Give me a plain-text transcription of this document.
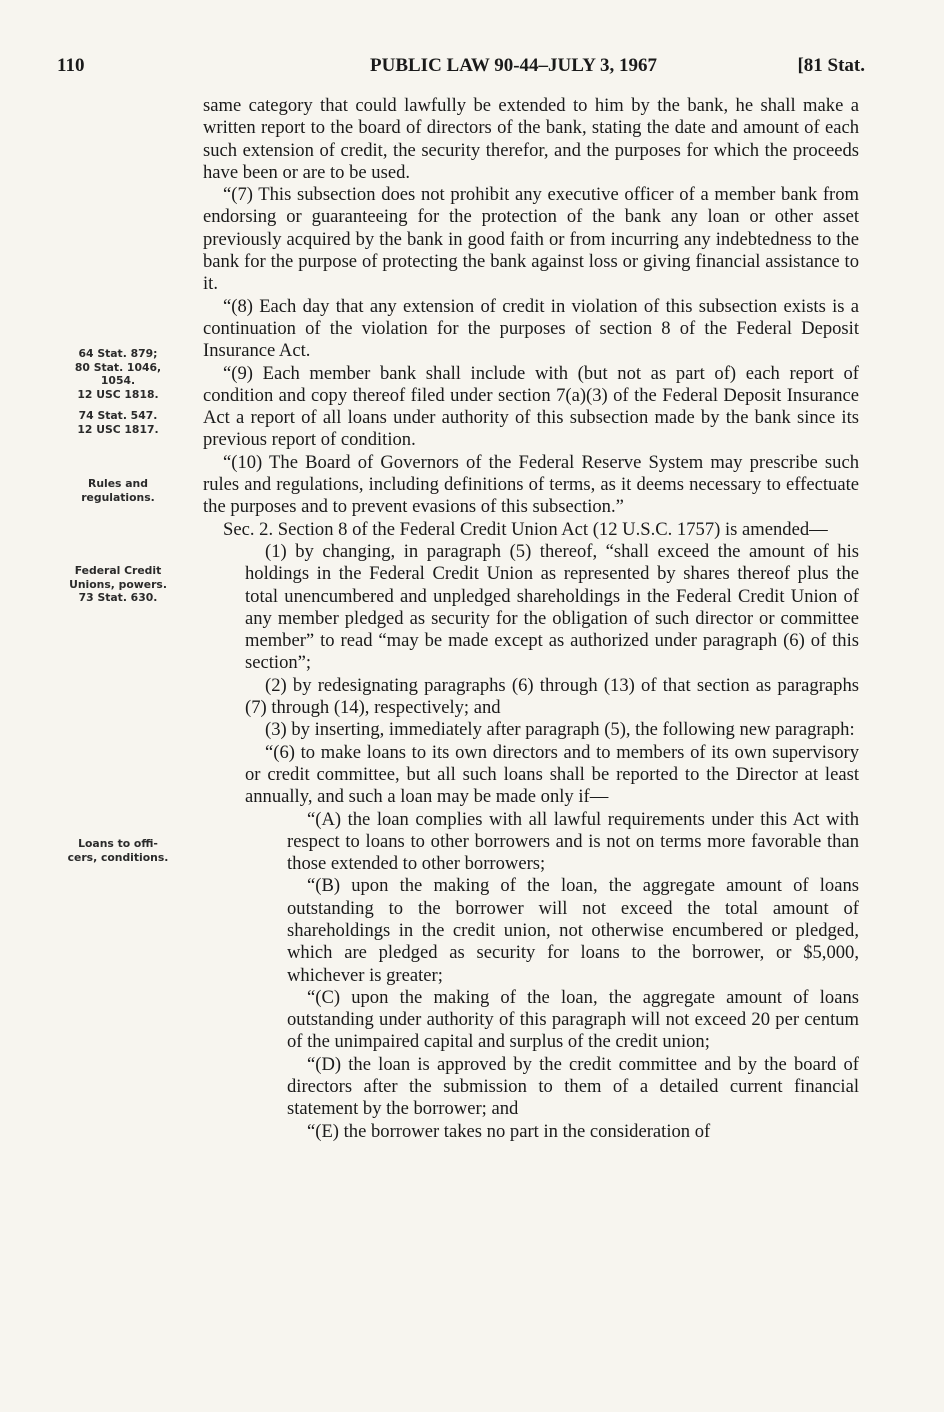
110	PUBLIC LAW 90-44–JULY 3, 1967	[81 Stat.
64 Stat. 879;
80 Stat. 1046,
1054.
12 USC 1818.
74 Stat. 547.
12 USC 1817.
Rules and
regulations.
Federal Credit
Unions, powers.
73 Stat. 630.
Loans to offi-
cers, conditions.

same category that could lawfully be extended to him by the bank, he shall make a written report to the board of directors of the bank, stating the date and amount of each such extension of credit, the security therefor, and the purposes for which the proceeds have been or are to be used.

“(7) This subsection does not prohibit any executive officer of a member bank from endorsing or guaranteeing for the protection of the bank any loan or other asset previously acquired by the bank in good faith or from incurring any indebtedness to the bank for the purpose of protecting the bank against loss or giving financial assistance to it.

“(8) Each day that any extension of credit in violation of this subsection exists is a continuation of the violation for the purposes of section 8 of the Federal Deposit Insurance Act.

“(9) Each member bank shall include with (but not as part of) each report of condition and copy thereof filed under section 7(a)(3) of the Federal Deposit Insurance Act a report of all loans under authority of this subsection made by the bank since its previous report of condition.

“(10) The Board of Governors of the Federal Reserve System may prescribe such rules and regulations, including definitions of terms, as it deems necessary to effectuate the purposes and to prevent evasions of this subsection.”

Sec. 2. Section 8 of the Federal Credit Union Act (12 U.S.C. 1757) is amended—

(1) by changing, in paragraph (5) thereof, “shall exceed the amount of his holdings in the Federal Credit Union as represented by shares thereof plus the total unencumbered and unpledged shareholdings in the Federal Credit Union of any member pledged as security for the obligation of such director or committee member” to read “may be made except as authorized under paragraph (6) of this section”;

(2) by redesignating paragraphs (6) through (13) of that section as paragraphs (7) through (14), respectively; and

(3) by inserting, immediately after paragraph (5), the following new paragraph:

“(6) to make loans to its own directors and to members of its own supervisory or credit committee, but all such loans shall be reported to the Director at least annually, and such a loan may be made only if—

“(A) the loan complies with all lawful requirements under this Act with respect to loans to other borrowers and is not on terms more favorable than those extended to other borrowers;

“(B) upon the making of the loan, the aggregate amount of loans outstanding to the borrower will not exceed the total amount of shareholdings in the credit union, not otherwise encumbered or pledged, which are pledged as security for loans to the borrower, or $5,000, whichever is greater;

“(C) upon the making of the loan, the aggregate amount of loans outstanding under authority of this paragraph will not exceed 20 per centum of the unimpaired capital and surplus of the credit union;

“(D) the loan is approved by the credit committee and by the board of directors after the submission to them of a detailed current financial statement by the borrower; and

“(E) the borrower takes no part in the consideration of
